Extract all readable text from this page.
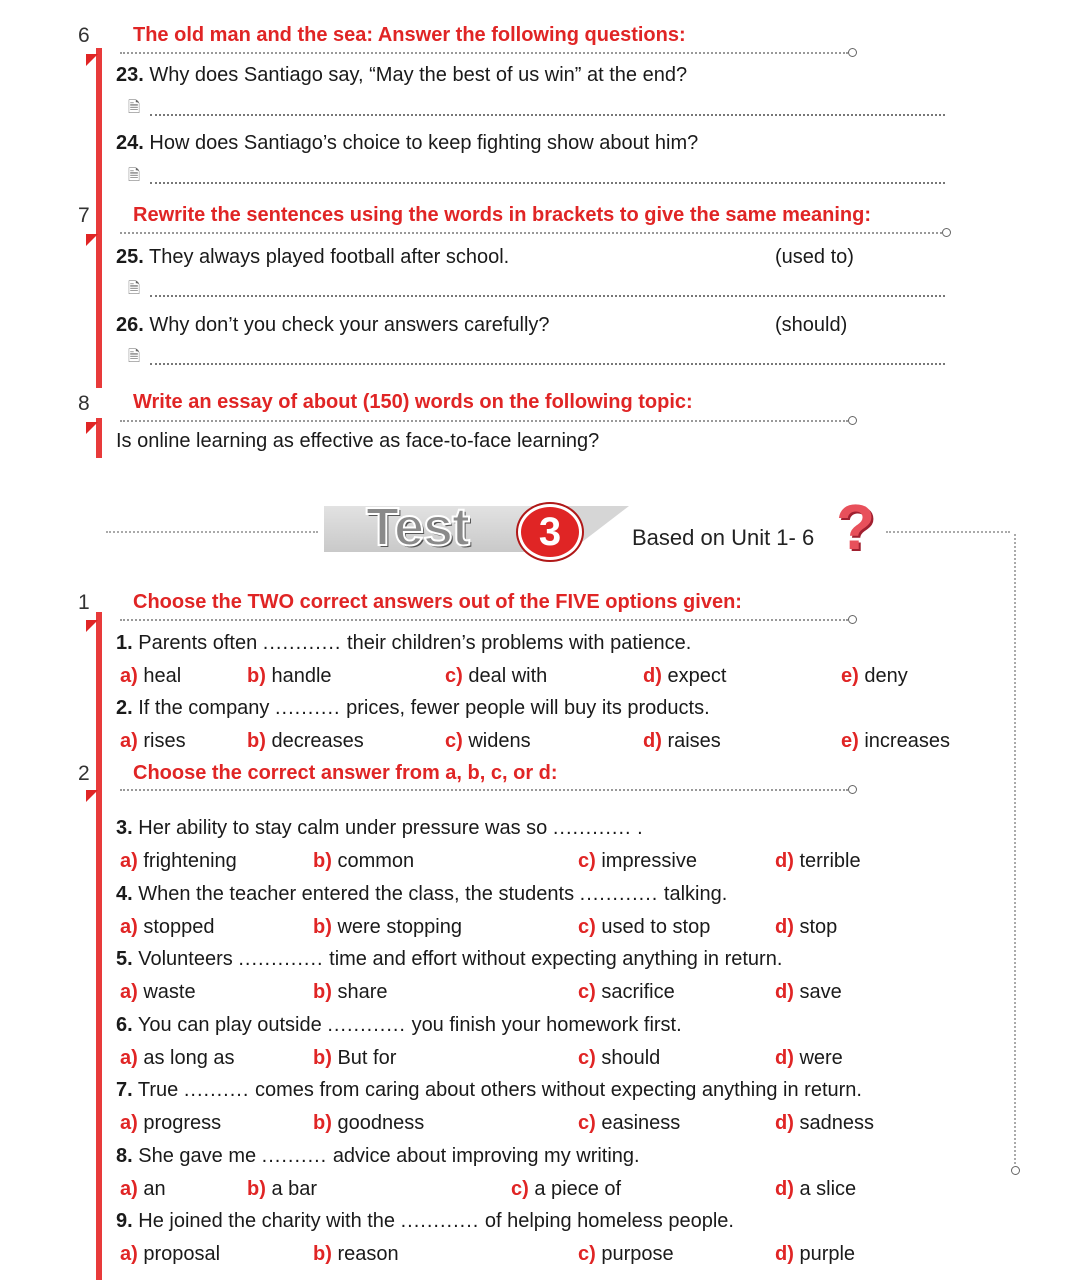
6	The old man and the sea: Answer the following questions:
23. Why does Santiago say, “May the best of us win” at the end?
🗎
24. How does Santiago’s choice to keep fighting show about him?
🗎
7	Rewrite the sentences using the words in brackets to give the same meaning:
25. They always played football after school.	(used to)
🗎
26. Why don’t you check your answers carefully?	(should)
🗎
8	Write an essay of about (150) words on the following topic:
Is online learning as effective as face-to-face learning?
Test	3	Based on Unit 1- 6 ?
1	Choose the TWO correct answers out of the FIVE options given:
1. Parents often ............ their children’s problems with patience.
a) heal	b) handle	c) deal with	d) expect	e) deny
2. If the company .......... prices, fewer people will buy its products.
a) rises	b) decreases	c) widens	d) raises	e) increases
2	Choose the correct answer from a, b, c, or d:
3. Her ability to stay calm under pressure was so ............ .
a) frightening	b) common	c) impressive	d) terrible
4. When the teacher entered the class, the students ............ talking.
a) stopped	b) were stopping	c) used to stop	d) stop
5. Volunteers ............. time and effort without expecting anything in return.
a) waste	b) share	c) sacrifice	d) save
6. You can play outside ............ you finish your homework first.
a) as long as	b) But for	c) should	d) were
7. True .......... comes from caring about others without expecting anything in return.
a) progress	b) goodness	c) easiness	d) sadness
8. She gave me .......... advice about improving my writing.
a) an	b) a bar	c) a piece of	d) a slice
9. He joined the charity with the ............ of helping homeless people.
a) proposal	b) reason	c) purpose	d) purple
